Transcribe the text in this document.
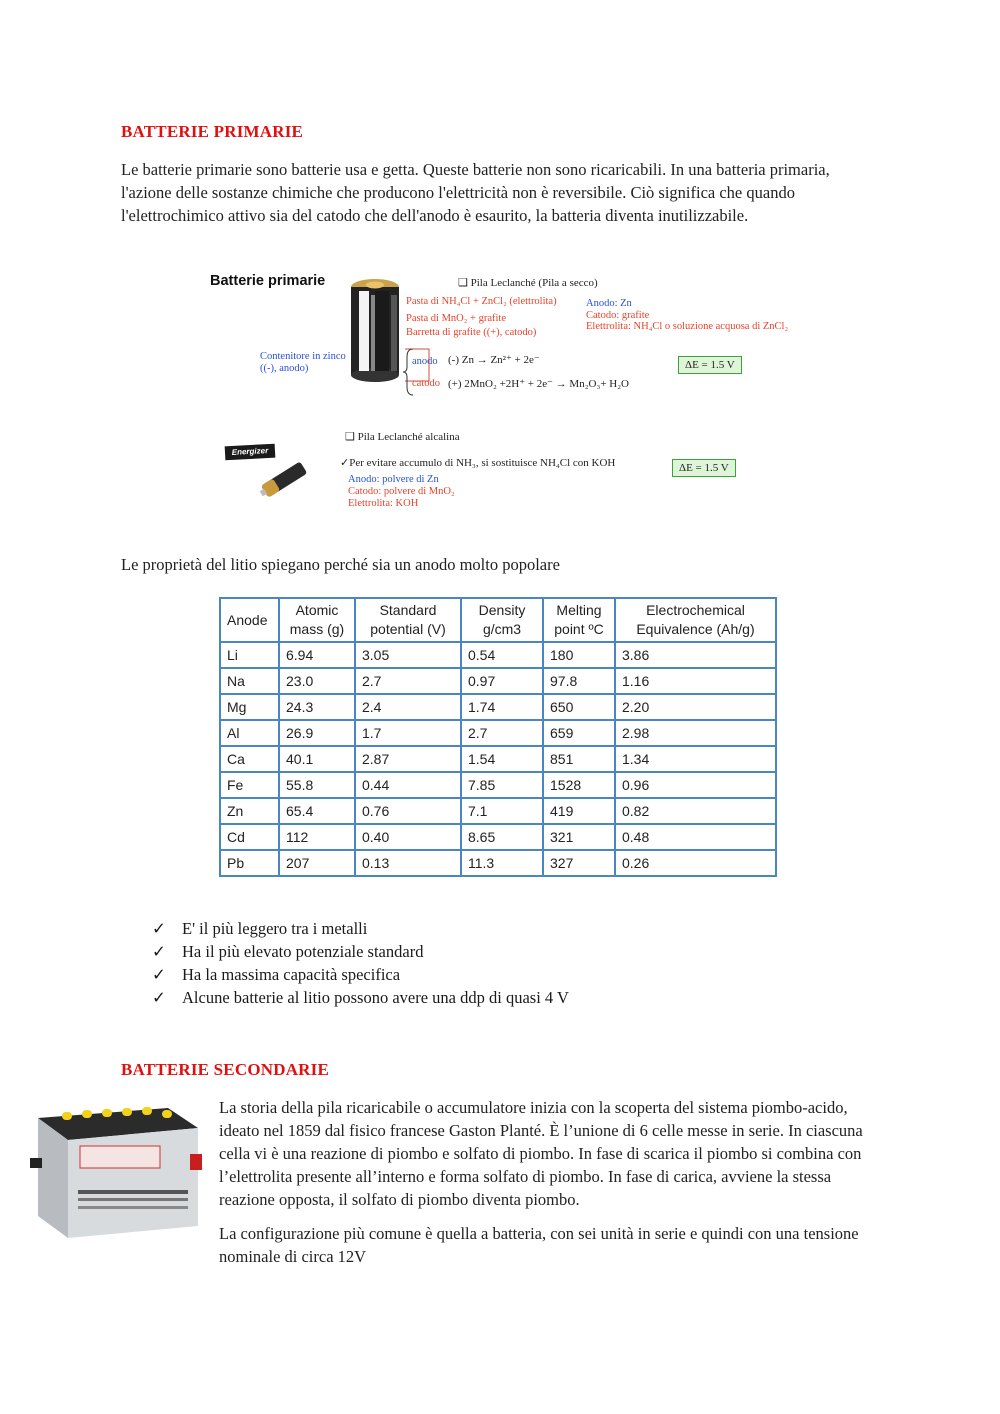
BATTERIE PRIMARIE
Le batterie primarie sono batterie usa e getta. Queste batterie non sono ricaricabili. In una batteria primaria, l'azione delle sostanze chimiche che producono l'elettricità non è reversibile. Ciò significa che quando l'elettrochimico attivo sia del catodo che dell'anodo è esaurito, la batteria diventa inutilizzabile.
Batterie primarie	❑ Pila Leclanché (Pila a secco)
Pasta di NH₄Cl + ZnCl₂ (elettrolita)
Pasta di MnO₂ + grafite
Barretta di grafite ((+), catodo)
Anodo: Zn
Catodo: grafite
Elettrolita: NH₄Cl o soluzione acquosa di ZnCl₂
Contenitore in zinco ((-), anodo)
anodo (-) Zn → Zn²⁺ + 2e⁻
catodo (+) 2MnO₂ +2H⁺ + 2e⁻ → Mn₂O₃+ H₂O
ΔE = 1.5 V
❑ Pila Leclanché alcalina
Energizer
✓Per evitare accumulo di NH₃, si sostituisce NH₄Cl con KOH
Anodo: polvere di Zn
Catodo: polvere di MnO₂
Elettrolita: KOH
ΔE = 1.5 V
Le proprietà del litio spiegano perché sia un anodo molto popolare
Anode	Atomic mass (g)	Standard potential (V)	Density g/cm3	Melting point ºC	Electrochemical Equivalence (Ah/g)
Li	6.94	3.05	0.54	180	3.86
Na	23.0	2.7	0.97	97.8	1.16
Mg	24.3	2.4	1.74	650	2.20
Al	26.9	1.7	2.7	659	2.98
Ca	40.1	2.87	1.54	851	1.34
Fe	55.8	0.44	7.85	1528	0.96
Zn	65.4	0.76	7.1	419	0.82
Cd	112	0.40	8.65	321	0.48
Pb	207	0.13	11.3	327	0.26
✓ E' il più leggero tra i metalli
✓ Ha il più elevato potenziale standard
✓ Ha la massima capacità specifica
✓ Alcune batterie al litio possono avere una ddp di quasi 4 V
BATTERIE SECONDARIE
La storia della pila ricaricabile o accumulatore inizia con la scoperta del sistema piombo-acido, ideato nel 1859 dal fisico francese Gaston Planté. È l’unione di 6 celle messe in serie. In ciascuna cella vi è una reazione di piombo e solfato di piombo. In fase di scarica il piombo si combina con l’elettrolita presente all’interno e forma solfato di piombo. In fase di carica, avviene la stessa reazione opposta, il solfato di piombo diventa piombo.
La configurazione più comune è quella a batteria, con sei unità in serie e quindi con una tensione nominale di circa 12V
